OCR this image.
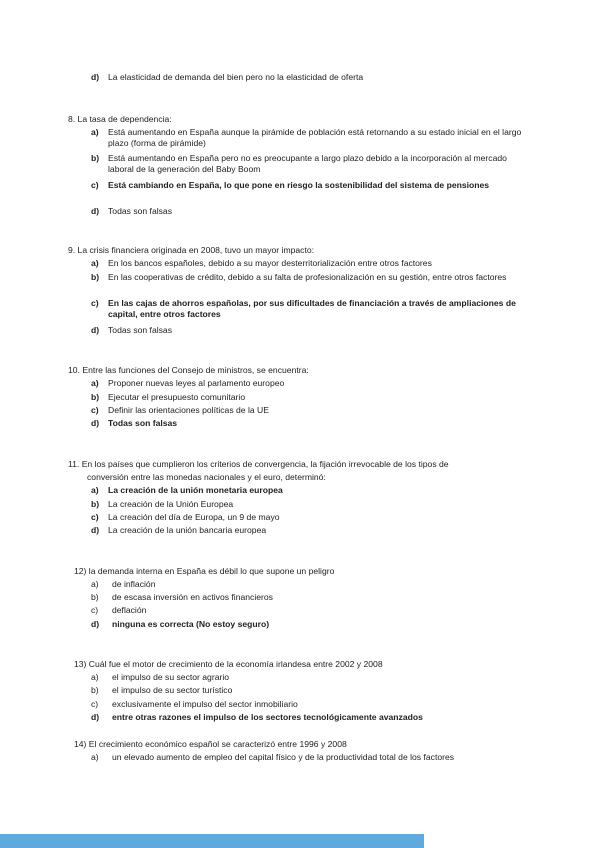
d)	La elasticidad de demanda del bien pero no la elasticidad de oferta
8. La tasa de dependencia:
a)	Está aumentando en España aunque la pirámide de población está retornando a su estado inicial en el largo plazo (forma de pirámide)
b)	Está aumentando en España pero no es preocupante a largo plazo debido a la incorporación al mercado laboral de la generación del Baby Boom
c)	Está cambiando en España, lo que pone en riesgo la sostenibilidad del sistema de pensiones
d)	Todas son falsas
9. La crisis financiera originada en 2008, tuvo un mayor impacto:
a)	En los bancos españoles, debido a su mayor desterritorialización entre otros factores
b)	En las cooperativas de crédito, debido a su falta de profesionalización en su gestión, entre otros factores
c)	En las cajas de ahorros españolas, por sus dificultades de financiación a través de ampliaciones de capital, entre otros factores
d)	Todas son falsas
10. Entre las funciones del Consejo de ministros, se encuentra:
a)	Proponer nuevas leyes al parlamento europeo
b)	Ejecutar el presupuesto comunitario
c)	Definir las orientaciones políticas de la UE
d)	Todas son falsas
11. En los países que cumplieron los criterios de convergencia, la fijación irrevocable de los tipos de
conversión entre las monedas nacionales y el euro, determinó:
a)	La creación de la unión monetaria europea
b)	La creación de la Unión Europea
c)	La creación del día de Europa, un 9 de mayo
d)	La creación de la unión bancaria europea
12) la demanda interna en España es débil lo que supone un peligro
a)	de inflación
b)	de escasa inversión en activos financieros
c)	deflación
d)	ninguna es correcta (No estoy seguro)
13) Cuál fue el motor de crecimiento de la economía irlandesa entre 2002 y 2008
a)	el impulso de su sector agrario
b)	el impulso de su sector turístico
c)	exclusivamente el impulso del sector inmobiliario
d)	entre otras razones el impulso de los sectores tecnológicamente avanzados
14) El crecimiento económico español se caracterizó entre 1996 y 2008
a)	un elevado aumento de empleo del capital físico y de la productividad total de los factores
